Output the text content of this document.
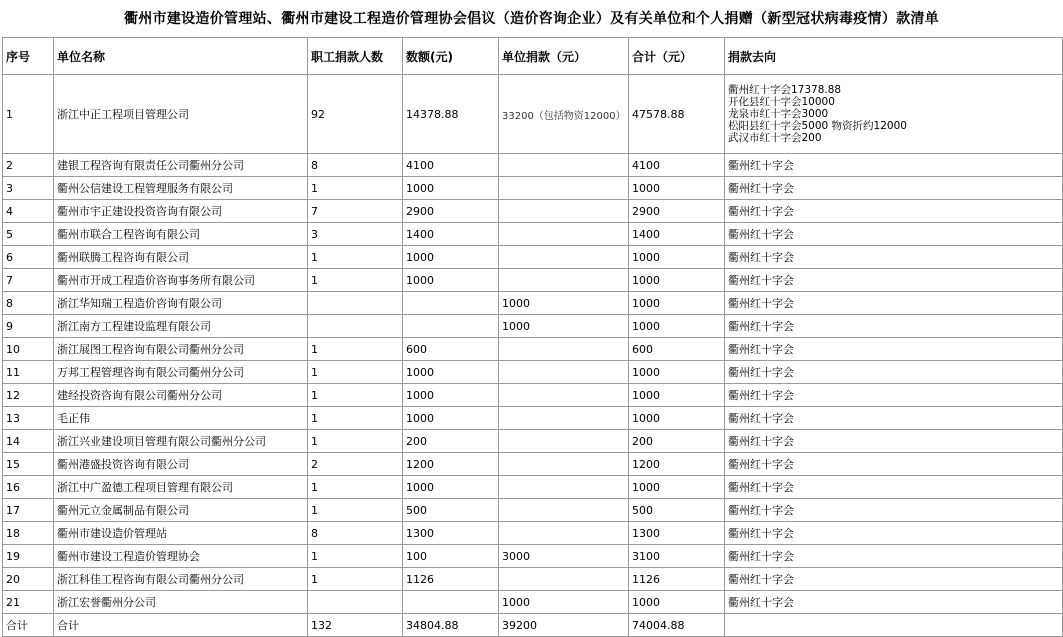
衢州市建设造价管理站、衢州市建设工程造价管理协会倡议（造价咨询企业）及有关单位和个人捐赠（新型冠状病毒疫情）款清单
序号	单位名称	职工捐款人数	数额(元)	单位捐款（元）	合计（元）	捐款去向
1	浙江中正工程项目管理公司	92	14378.88	33200（包括物资12000）	47578.88	衢州红十字会17378.88
开化县红十字会10000
龙泉市红十字会3000
松阳县红十字会5000 物资折约12000
武汉市红十字会200

2	建银工程咨询有限责任公司衢州分公司	8	4100		4100	衢州红十字会
3	衢州公信建设工程管理服务有限公司	1	1000		1000	衢州红十字会
4	衢州市宇正建设投资咨询有限公司	7	2900		2900	衢州红十字会
5	衢州市联合工程咨询有限公司	3	1400		1400	衢州红十字会
6	衢州联腾工程咨询有限公司	1	1000		1000	衢州红十字会
7	衢州市开成工程造价咨询事务所有限公司	1	1000		1000	衢州红十字会
8	浙江华知瑞工程造价咨询有限公司			1000	1000	衢州红十字会
9	浙江南方工程建设监理有限公司			1000	1000	衢州红十字会
10	浙江展图工程咨询有限公司衢州分公司	1	600		600	衢州红十字会
11	万邦工程管理咨询有限公司衢州分公司	1	1000		1000	衢州红十字会
12	建经投资咨询有限公司衢州分公司	1	1000		1000	衢州红十字会
13	毛正伟	1	1000		1000	衢州红十字会
14	浙江兴业建设项目管理有限公司衢州分公司	1	200		200	衢州红十字会
15	衢州港盛投资咨询有限公司	2	1200		1200	衢州红十字会
16	浙江中广盈德工程项目管理有限公司	1	1000		1000	衢州红十字会
17	衢州元立金属制品有限公司	1	500		500	衢州红十字会
18	衢州市建设造价管理站	8	1300		1300	衢州红十字会
19	衢州市建设工程造价管理协会	1	100	3000	3100	衢州红十字会
20	浙江科佳工程咨询有限公司衢州分公司	1	1126		1126	衢州红十字会
21	浙江宏誉衢州分公司			1000	1000	衢州红十字会
合计	合计	132	34804.88	39200	74004.88	
